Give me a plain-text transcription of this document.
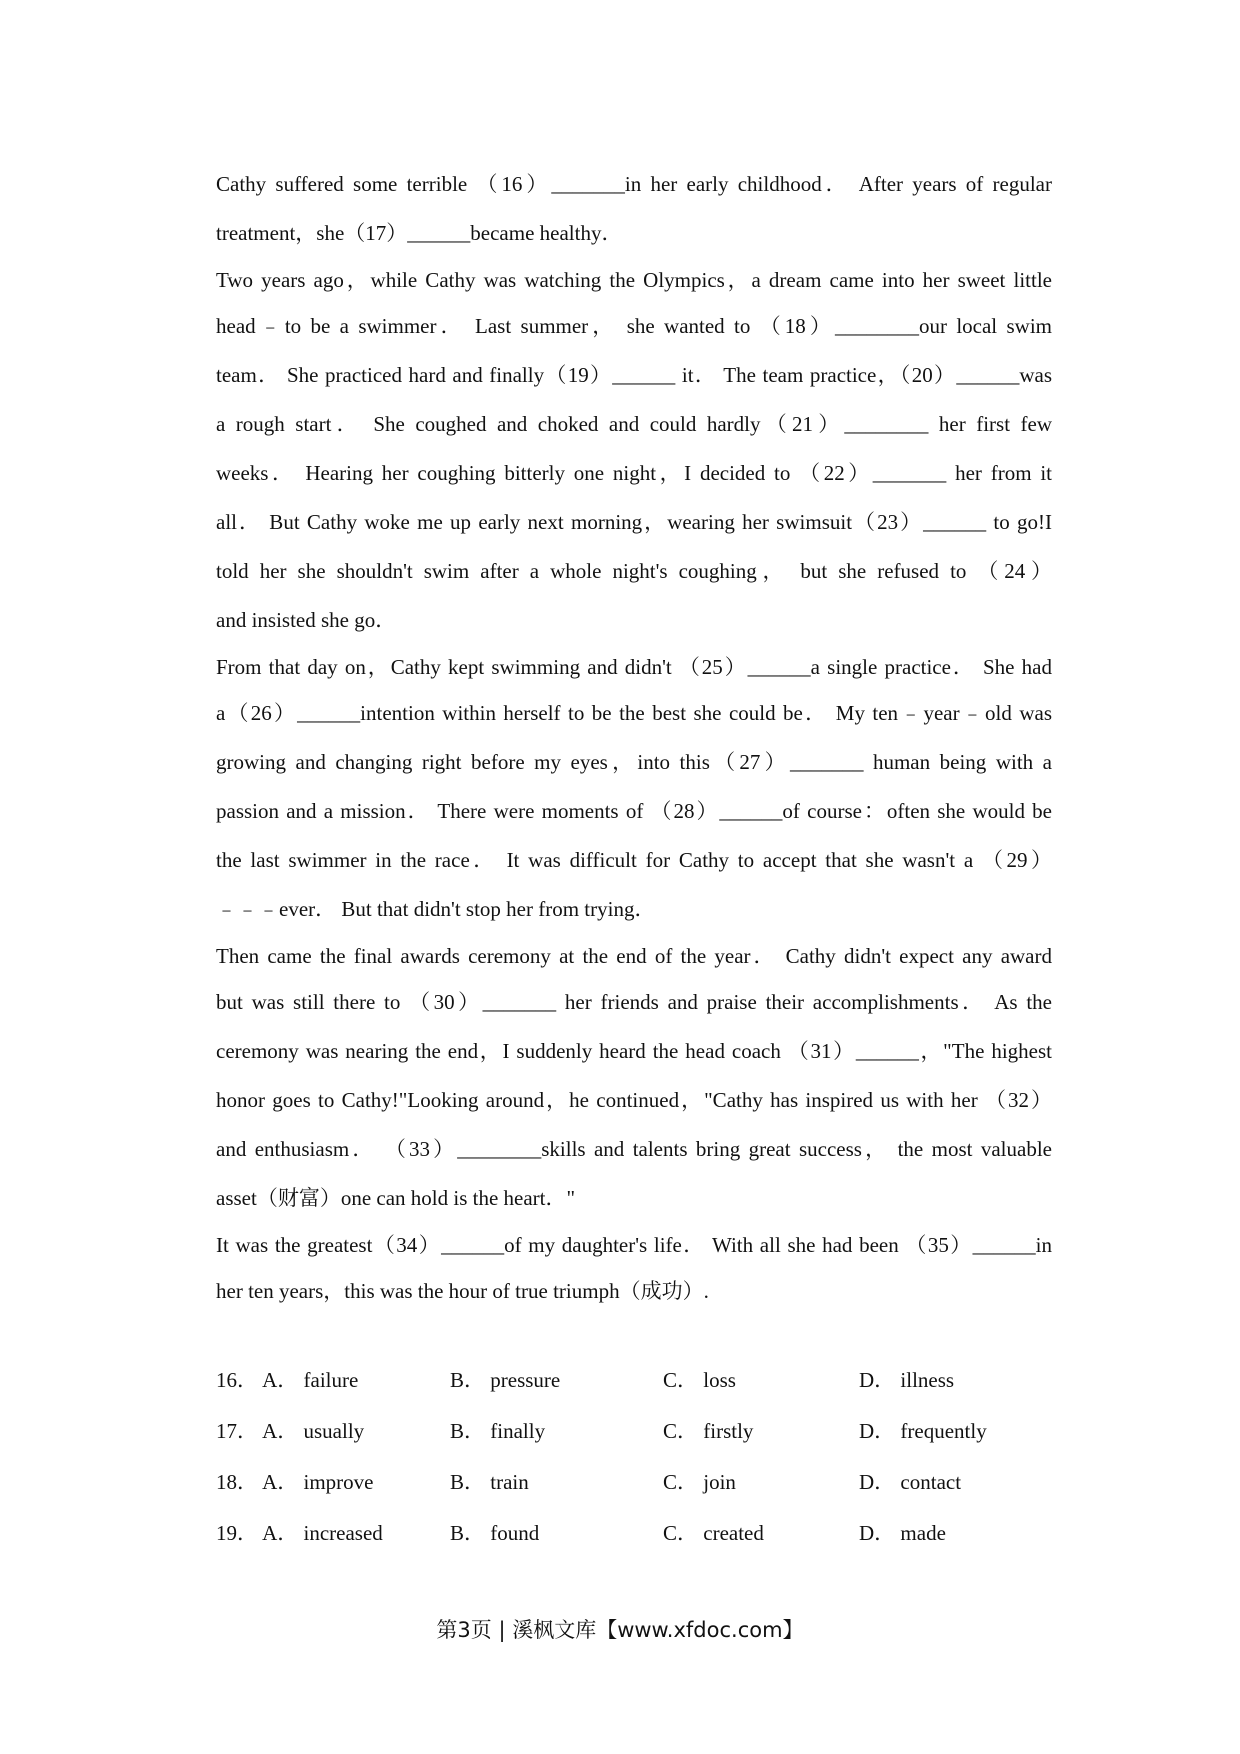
Cathy suffered some terrible （16）_______in her early childhood． After years of regular
treatment，she（17）______became healthy．
Two years ago，while Cathy was watching the Olympics，a dream came into her sweet little
head﹣to be a swimmer． Last summer， she wanted to （18）________our local swim
team． She practiced hard and finally（19）______ it． The team practice，（20）______was
a rough start． She coughed and choked and could hardly（21）________ her first few
weeks． Hearing her coughing bitterly one night，I decided to （22）_______ her from it
all． But Cathy woke me up early next morning，wearing her swimsuit（23）______ to go!I
told her she shouldn't swim after a whole night's coughing， but she refused to （24）
and insisted she go．
From that day on，Cathy kept swimming and didn't （25）______a single practice． She had
a（26）______intention within herself to be the best she could be． My ten﹣year﹣old was
growing and changing right before my eyes，into this（27）_______ human being with a
passion and a mission． There were moments of （28）______of course：often she would be
the last swimmer in the race． It was difficult for Cathy to accept that she wasn't a （29）
﹣﹣﹣ever． But that didn't stop her from trying．
Then came the final awards ceremony at the end of the year． Cathy didn't expect any award
but was still there to （30）_______ her friends and praise their accomplishments． As the
ceremony was nearing the end，I suddenly heard the head coach （31）______，"The highest
honor goes to Cathy!"Looking around，he continued，"Cathy has inspired us with her （32）
and enthusiasm． （33）________skills and talents bring great success， the most valuable
asset（财富）one can hold is the heart．"
It was the greatest（34）______of my daughter's life． With all she had been （35）______in
her ten years，this was the hour of true triumph（成功）.
16． A． failure	B． pressure	C． loss	D． illness
17． A． usually	B． finally	C． firstly	D． frequently
18． A． improve	B． train	C． join	D． contact
19． A． increased	B． found	C． created	D． made
第3页 | 溪枫文库【www.xfdoc.com】
